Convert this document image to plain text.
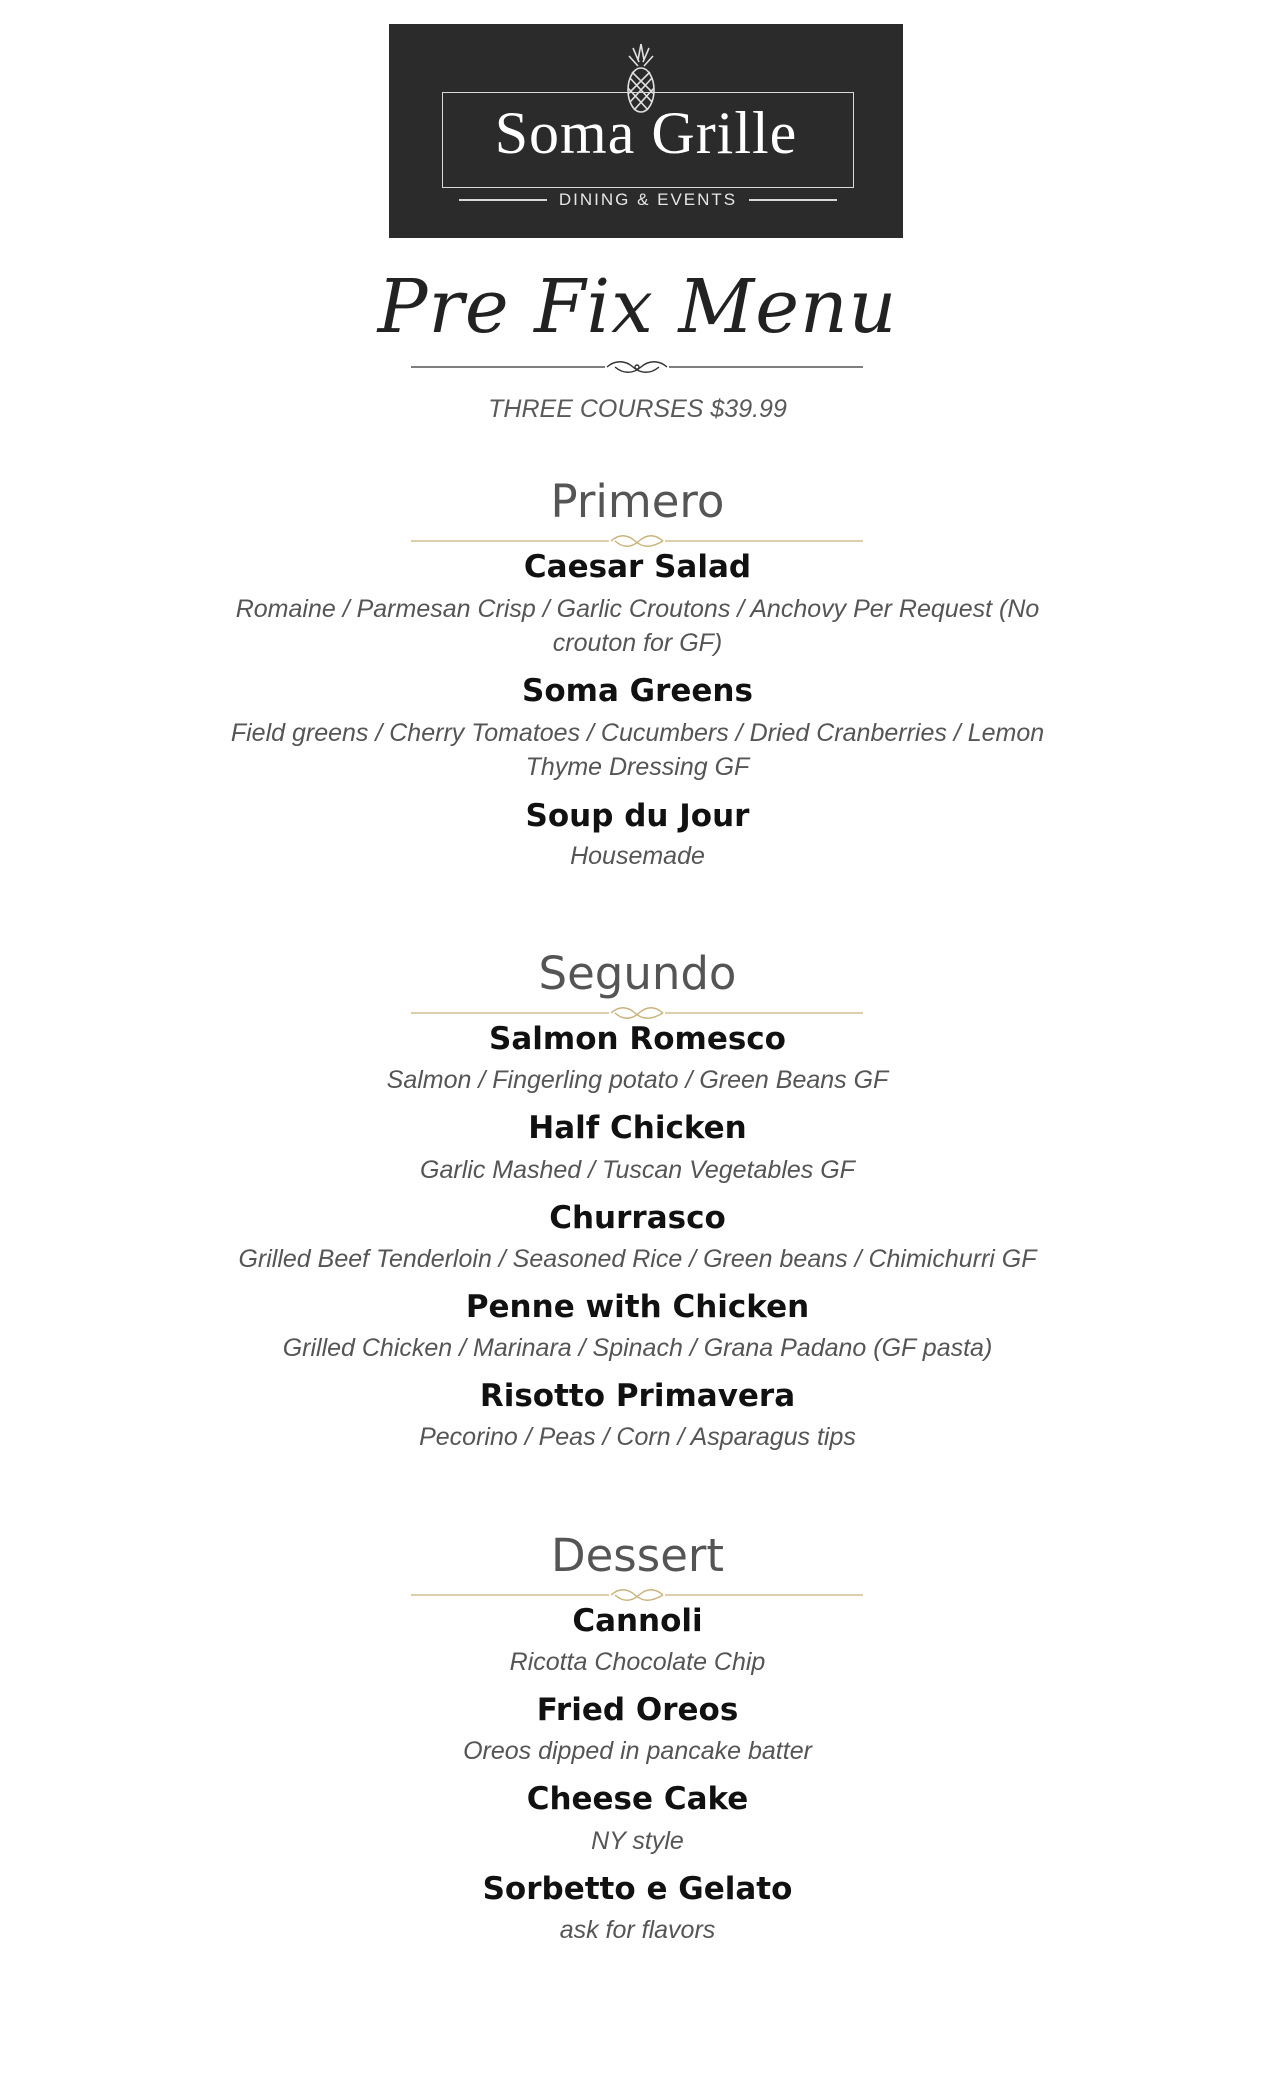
Soma Grille
DINING & EVENTS
Pre Fix Menu
THREE COURSES $39.99
Primero
Caesar Salad
Romaine / Parmesan Crisp / Garlic Croutons / Anchovy Per Request (No crouton for GF)
Soma Greens
Field greens / Cherry Tomatoes / Cucumbers / Dried Cranberries / Lemon Thyme Dressing GF
Soup du Jour
Housemade
Segundo
Salmon Romesco
Salmon / Fingerling potato / Green Beans GF
Half Chicken
Garlic Mashed / Tuscan Vegetables GF
Churrasco
Grilled Beef Tenderloin / Seasoned Rice / Green beans / Chimichurri GF
Penne with Chicken
Grilled Chicken / Marinara / Spinach / Grana Padano (GF pasta)
Risotto Primavera
Pecorino / Peas / Corn / Asparagus tips
Dessert
Cannoli
Ricotta Chocolate Chip
Fried Oreos
Oreos dipped in pancake batter
Cheese Cake
NY style
Sorbetto e Gelato
ask for flavors
